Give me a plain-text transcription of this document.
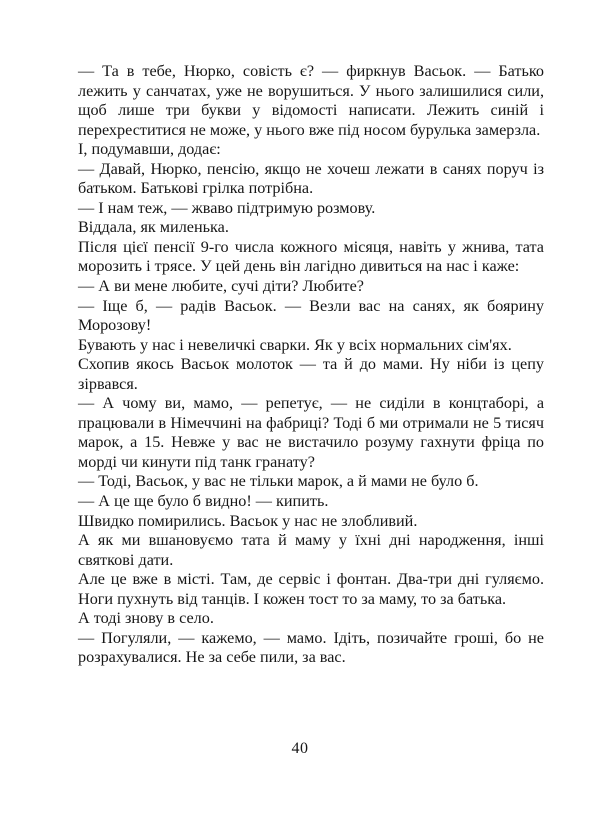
— Та в тебе, Нюрко, совість є? — фиркнув Васьок. — Батько лежить у санчатах, уже не ворушиться. У нього залишилися сили, щоб лише три букви у відомості написати. Лежить синій і перехреститися не може, у нього вже під носом бурулька замерзла.

І, подумавши, додає:

— Давай, Нюрко, пенсію, якщо не хочеш лежати в санях поруч із батьком. Батькові грілка потрібна.

— І нам теж, — жваво підтримую розмову.

Віддала, як миленька.

Після цієї пенсії 9-го числа кожного місяця, навіть у жнива, тата морозить і трясе. У цей день він лагідно дивиться на нас і каже:

— А ви мене любите, сучі діти? Любите?

— Іще б, — радів Васьок. — Везли вас на санях, як боярину Морозову!

Бувають у нас і невеличкі сварки. Як у всіх нормальних сім'ях.

Схопив якось Васьок молоток — та й до мами. Ну ніби із цепу зірвався.

— А чому ви, мамо, — репетує, — не сиділи в концтаборі, а працювали в Німеччині на фабриці? Тоді б ми отримали не 5 тисяч марок, а 15. Невже у вас не вистачило розуму гахнути фріца по морді чи кинути під танк гранату?

— Тоді, Васьок, у вас не тільки марок, а й мами не було б.

— А це ще було б видно! — кипить.

Швидко помирились. Васьок у нас не злобливий.

А як ми вшановуємо тата й маму у їхні дні народження, інші святкові дати.

Але це вже в місті. Там, де сервіс і фонтан. Два-три дні гуляємо. Ноги пухнуть від танців. І кожен тост то за маму, то за батька.

А тоді знову в село.

— Погуляли, — кажемо, — мамо. Ідіть, позичайте гроші, бо не розрахувалися. Не за себе пили, за вас.

40
